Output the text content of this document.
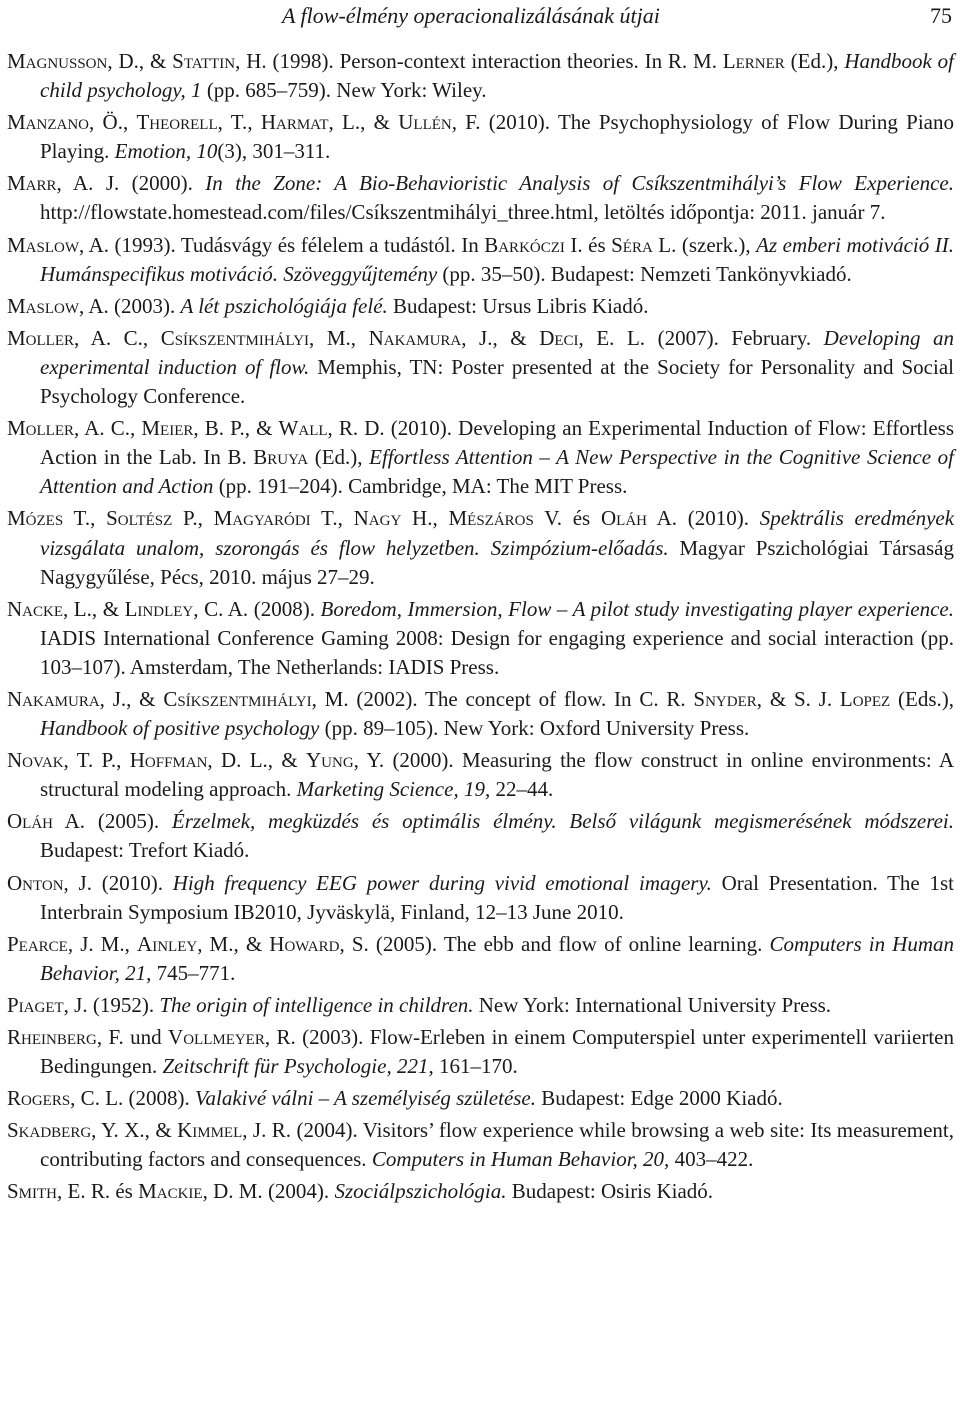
A flow-élmény operacionalizálásának útjai	75

Magnusson, D., & Stattin, H. (1998). Person-context interaction theories. In R. M. Lerner (Ed.), Handbook of child psychology, 1 (pp. 685–759). New York: Wiley.

Manzano, Ö., Theorell, T., Harmat, L., & Ullén, F. (2010). The Psychophysiology of Flow During Piano Playing. Emotion, 10(3), 301–311.

Marr, A. J. (2000). In the Zone: A Bio-Behavioristic Analysis of Csíkszentmihályi’s Flow Experience. http://flowstate.homestead.com/files/Csíkszentmihályi_three.html, letöltés időpontja: 2011. január 7.

Maslow, A. (1993). Tudásvágy és félelem a tudástól. In Barkóczi I. és Séra L. (szerk.), Az emberi motiváció II. Humánspecifikus motiváció. Szöveggyűjtemény (pp. 35–50). Budapest: Nemzeti Tankönyvkiadó.

Maslow, A. (2003). A lét pszichológiája felé. Budapest: Ursus Libris Kiadó.

Moller, A. C., Csíkszentmihályi, M., Nakamura, J., & Deci, E. L. (2007). February. Developing an experimental induction of flow. Memphis, TN: Poster presented at the Society for Personality and Social Psychology Conference.

Moller, A. C., Meier, B. P., & Wall, R. D. (2010). Developing an Experimental Induction of Flow: Effortless Action in the Lab. In B. Bruya (Ed.), Effortless Attention – A New Perspective in the Cognitive Science of Attention and Action (pp. 191–204). Cambridge, MA: The MIT Press.

Mózes T., Soltész P., Magyaródi T., Nagy H., Mészáros V. és Oláh A. (2010). Spektrális eredmények vizsgálata unalom, szorongás és flow helyzetben. Szimpózium-előadás. Magyar Pszichológiai Társaság Nagygyűlése, Pécs, 2010. május 27–29.

Nacke, L., & Lindley, C. A. (2008). Boredom, Immersion, Flow – A pilot study investigating player experience. IADIS International Conference Gaming 2008: Design for engaging experience and social interaction (pp. 103–107). Amsterdam, The Netherlands: IADIS Press.

Nakamura, J., & Csíkszentmihályi, M. (2002). The concept of flow. In C. R. Snyder, & S. J. Lopez (Eds.), Handbook of positive psychology (pp. 89–105). New York: Oxford University Press.

Novak, T. P., Hoffman, D. L., & Yung, Y. (2000). Measuring the flow construct in online environments: A structural modeling approach. Marketing Science, 19, 22–44.

Oláh A. (2005). Érzelmek, megküzdés és optimális élmény. Belső világunk megismerésének módszerei. Budapest: Trefort Kiadó.

Onton, J. (2010). High frequency EEG power during vivid emotional imagery. Oral Presentation. The 1st Interbrain Symposium IB2010, Jyväskylä, Finland, 12–13 June 2010.

Pearce, J. M., Ainley, M., & Howard, S. (2005). The ebb and flow of online learning. Computers in Human Behavior, 21, 745–771.

Piaget, J. (1952). The origin of intelligence in children. New York: International University Press.

Rheinberg, F. und Vollmeyer, R. (2003). Flow-Erleben in einem Computerspiel unter experimentell variierten Bedingungen. Zeitschrift für Psychologie, 221, 161–170.

Rogers, C. L. (2008). Valakivé válni – A személyiség születése. Budapest: Edge 2000 Kiadó.

Skadberg, Y. X., & Kimmel, J. R. (2004). Visitors’ flow experience while browsing a web site: Its measurement, contributing factors and consequences. Computers in Human Behavior, 20, 403–422.

Smith, E. R. és Mackie, D. M. (2004). Szociálpszichológia. Budapest: Osiris Kiadó.
